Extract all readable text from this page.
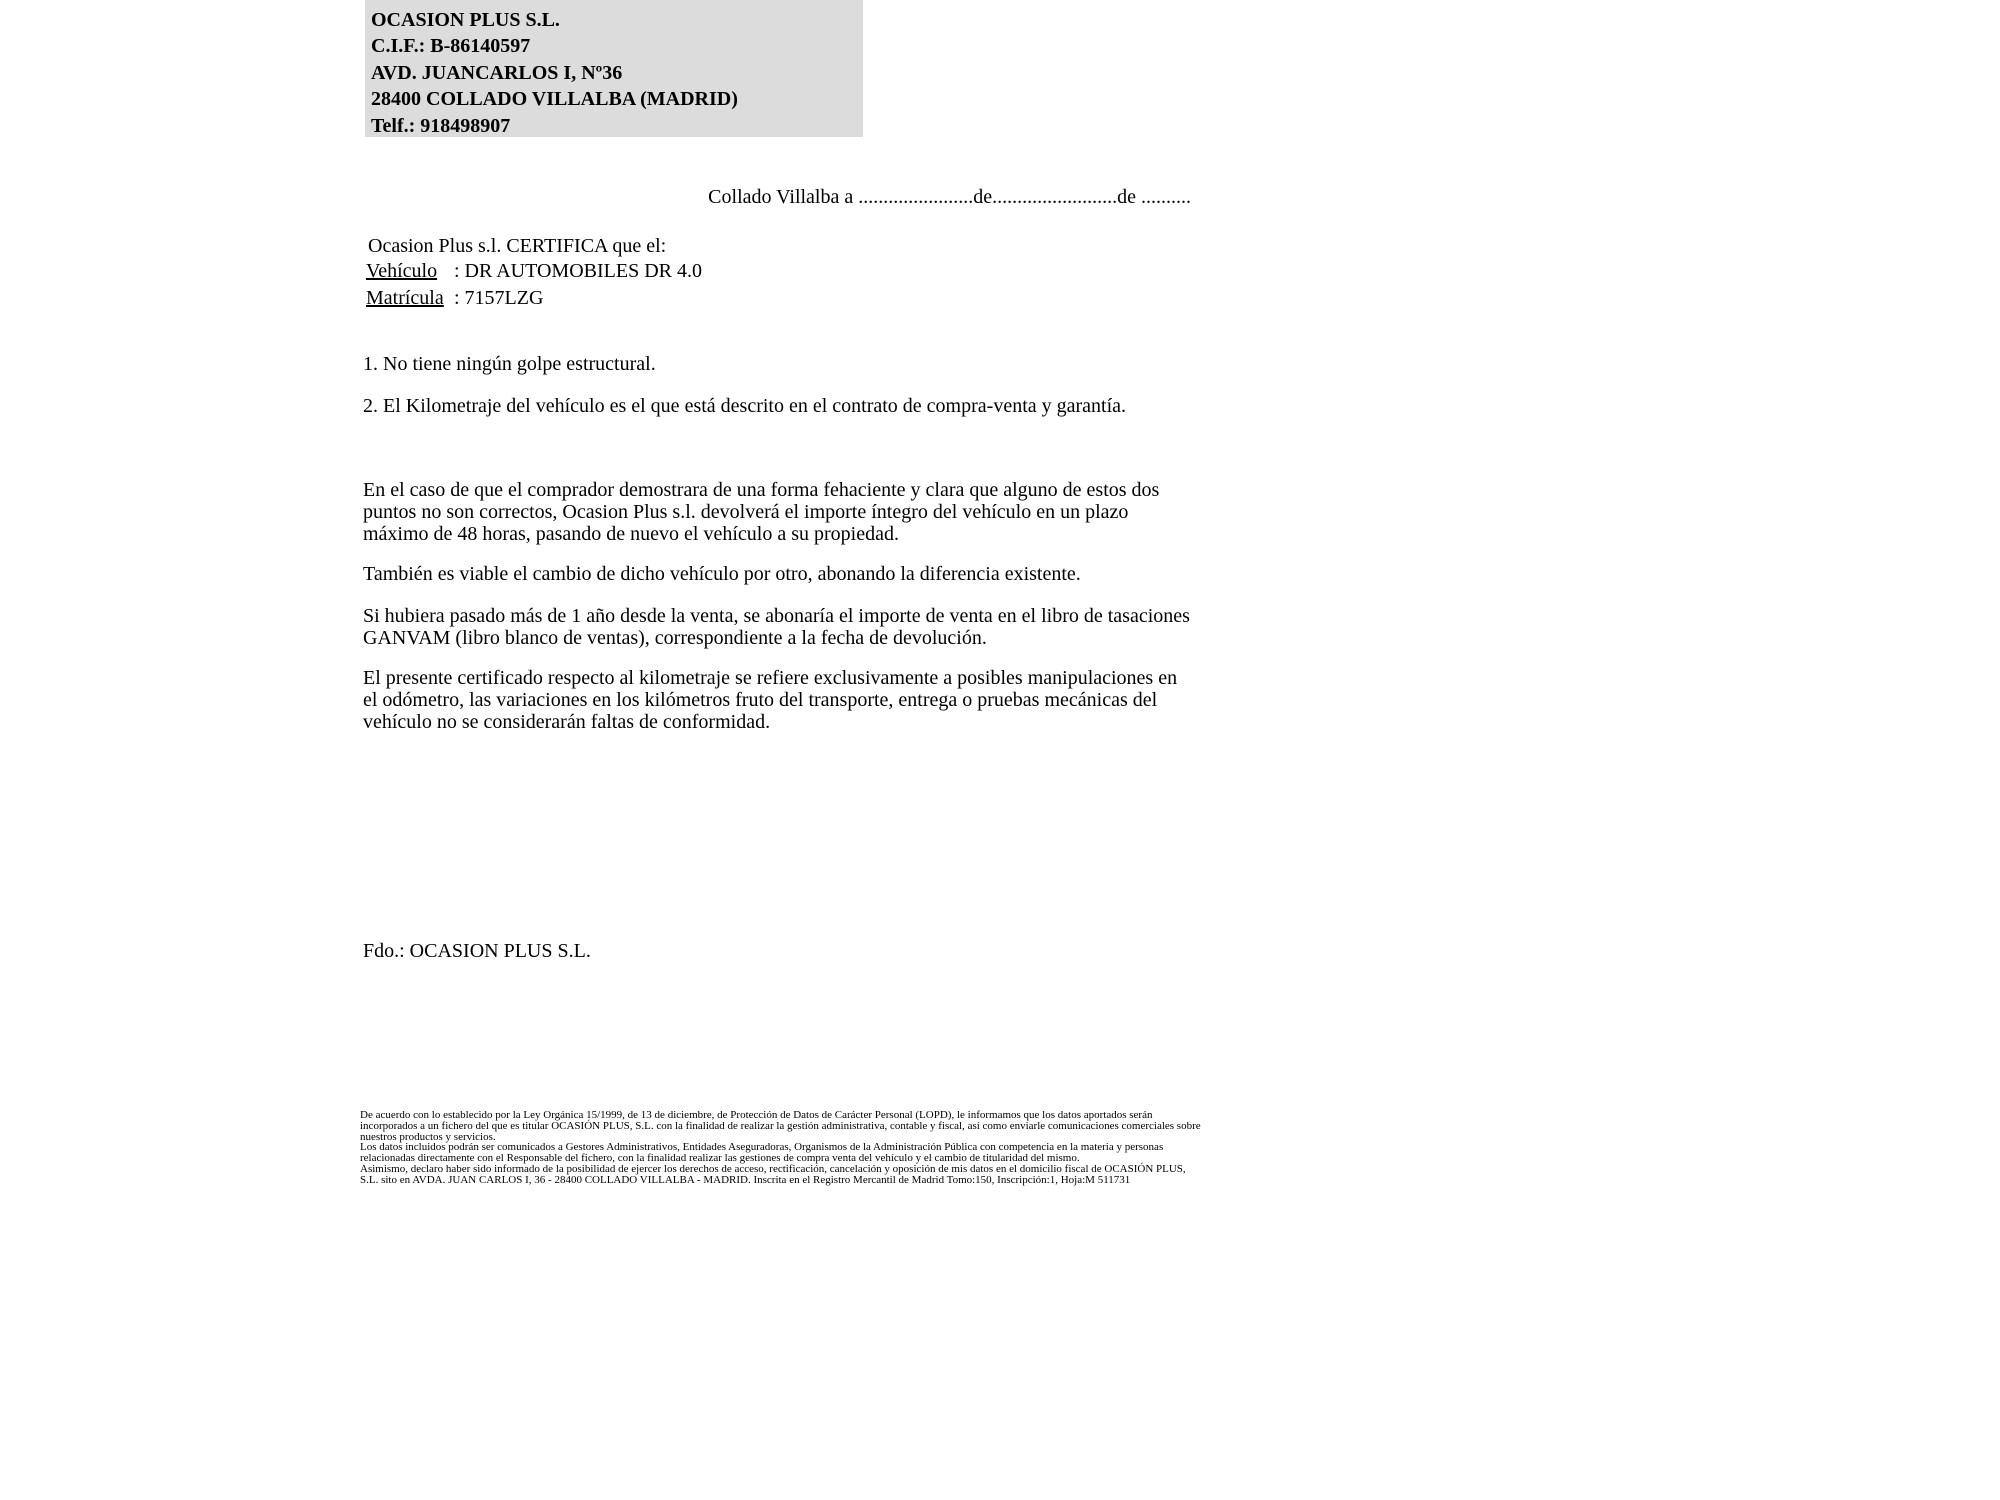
OCASION PLUS S.L.
C.I.F.: B-86140597
AVD. JUANCARLOS I, Nº36
28400 COLLADO VILLALBA (MADRID)
Telf.: 918498907
Collado Villalba a .......................de.........................de ..........
Ocasion Plus s.l. CERTIFICA que el:
Vehículo : DR AUTOMOBILES DR 4.0
Matrícula : 7157LZG
1. No tiene ningún golpe estructural.
2. El Kilometraje del vehículo es el que está descrito en el contrato de compra-venta y garantía.
En el caso de que el comprador demostrara de una forma fehaciente y clara que alguno de estos dos puntos no son correctos, Ocasion Plus s.l. devolverá el importe íntegro del vehículo en un plazo máximo de 48 horas, pasando de nuevo el vehículo a su propiedad.
También es viable el cambio de dicho vehículo por otro, abonando la diferencia existente.
Si hubiera pasado más de 1 año desde la venta, se abonaría el importe de venta en el libro de tasaciones GANVAM (libro blanco de ventas), correspondiente a la fecha de devolución.
El presente certificado respecto al kilometraje se refiere exclusivamente a posibles manipulaciones en el odómetro, las variaciones en los kilómetros fruto del transporte, entrega o pruebas mecánicas del vehículo no se considerarán faltas de conformidad.
Fdo.: OCASION PLUS S.L.

De acuerdo con lo establecido por la Ley Orgánica 15/1999, de 13 de diciembre, de Protección de Datos de Carácter Personal (LOPD), le informamos que los datos aportados serán incorporados a un fichero del que es titular OCASIÓN PLUS, S.L. con la finalidad de realizar la gestión administrativa, contable y fiscal, así como enviarle comunicaciones comerciales sobre nuestros productos y servicios.

Los datos incluidos podrán ser comunicados a Gestores Administrativos, Entidades Aseguradoras, Organismos de la Administración Pública con competencia en la materia y personas relacionadas directamente con el Responsable del fichero, con la finalidad realizar las gestiones de compra venta del vehículo y el cambio de titularidad del mismo.

Asimismo, declaro haber sido informado de la posibilidad de ejercer los derechos de acceso, rectificación, cancelación y oposición de mis datos en el domicilio fiscal de OCASIÓN PLUS, S.L. sito en AVDA. JUAN CARLOS I, 36 - 28400 COLLADO VILLALBA - MADRID. Inscrita en el Registro Mercantil de Madrid Tomo:150, Inscripción:1, Hoja:M 511731
